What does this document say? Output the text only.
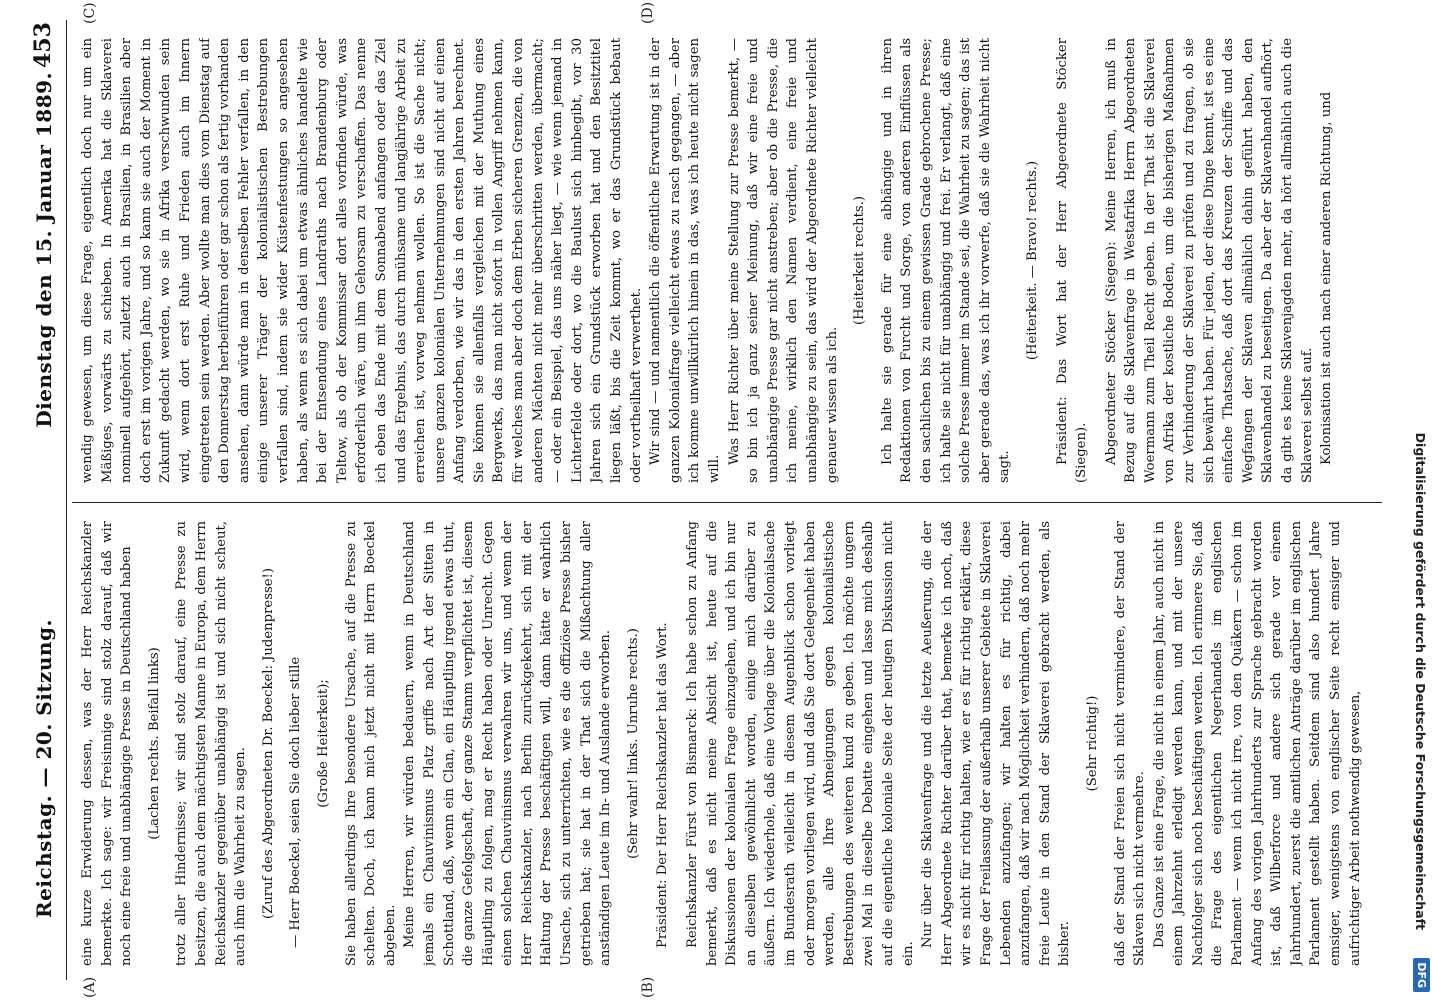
Reichstag. — 20. Sitzung.
Dienstag den 15. Januar 1889.
453
(A)	(B)
(C)	(D)

eine kurze Erwiderung dessen, was der Herr Reichskanzler bemerkte. Ich sage: wir Freisinnige sind stolz darauf, daß wir noch eine freie und unabhängige Presse in Deutschland haben (Lachen rechts. Beifall links) trotz aller Hindernisse; wir sind stolz darauf, eine Presse zu besitzen, die auch dem mächtigsten Manne in Europa, dem Herrn Reichskanzler gegenüber unabhängig ist und sich nicht scheut, auch ihm die Wahrheit zu sagen. (Zuruf des Abgeordneten Dr. Boeckel: Judenpresse!) — Herr Boeckel, seien Sie doch lieber stille (Große Heiterkeit); Sie haben allerdings Ihre besondere Ursache, auf die Presse zu schelten. Doch, ich kann mich jetzt nicht mit Herrn Boeckel abgeben. Meine Herren, wir würden bedauern, wenn in Deutschland jemals ein Chauvinismus Platz griffe nach Art der Sitten in Schottland, daß, wenn ein Clan, ein Häuptling irgend etwas thut, die ganze Gefolgschaft, der ganze Stamm verpflichtet ist, diesem Häuptling zu folgen, mag er Recht haben oder Unrecht. Gegen einen solchen Chauvinismus verwahren wir uns, und wenn der Herr Reichskanzler, nach Berlin zurückgekehrt, sich mit der Haltung der Presse beschäftigen will, dann hätte er wahrlich Ursache, sich zu unterrichten, wie es die offiziöse Presse bisher getrieben hat; sie hat in der That sich die Mißachtung aller anständigen Leute im In- und Auslande erworben. (Sehr wahr! links. Unruhe rechts.) Präsident: Der Herr Reichskanzler hat das Wort. Reichskanzler Fürst von Bismarck: Ich habe schon zu Anfang bemerkt, daß es nicht meine Absicht ist, heute auf die Diskussionen der kolonialen Frage einzugehen, und ich bin nur an dieselben gewöhnlicht worden, einige mich darüber zu äußern. Ich wiederhole, daß eine Vorlage über die Kolonialsache im Bundesrath vielleicht in diesem Augenblick schon vorliegt oder morgen vorliegen wird, und daß Sie dort Gelegenheit haben werden, alle Ihre Abneigungen gegen kolonialistische Bestrebungen des weiteren kund zu geben. Ich möchte ungern zwei Mal in dieselbe Debatte eingehen und lasse mich deshalb auf die eigentliche koloniale Seite der heutigen Diskussion nicht ein.

Nur über die Sklavenfrage und die letzte Aeußerung, die der Herr Abgeordnete Richter darüber that, bemerke ich noch, daß wir es nicht für richtig halten, wie er es für richtig erklärt, diese Frage der Freilassung der außerhalb unserer Gebiete in Sklaverei Lebenden anzufangen; wir halten es für richtig, dabei anzufangen, daß wir nach Möglichkeit verhindern, daß noch mehr freie Leute in den Stand der Sklaverei gebracht werden, als bisher.

(Sehr richtig!) daß der Stand der Freien sich nicht vermindere, der Stand der Sklaven sich nicht vermehre. Das Ganze ist eine Frage, die nicht in einem Jahr, auch nicht in einem Jahrzehnt erledigt werden kann, und mit der unsere Nachfolger sich noch beschäftigen werden. Ich erinnere Sie, daß die Frage des eigentlichen Negerhandels im englischen Parlament — wenn ich nicht irre, von den Quäkern — schon im Anfang des vorigen Jahrhunderts zur Sprache gebracht worden ist, daß Wilberforce und andere sich gerade vor einem Jahrhundert, zuerst die amtlichen Anträge darüber im englischen Parlament gestellt haben. Seitdem sind also hundert Jahre emsiger, wenigstens von englischer Seite recht emsiger und aufrichtiger Arbeit nothwendig gewesen,

wendig gewesen, um diese Frage, eigentlich doch nur um ein Mäßiges, vorwärts zu schieben. In Amerika hat die Sklaverei nominell aufgehört, zuletzt auch in Brasilien, in Brasilien aber doch erst im vorigen Jahre, und so kann sie auch der Moment in Zukunft gedacht werden, wo sie in Afrika verschwunden sein wird, wenn dort erst Ruhe und Frieden auch im Innern eingetreten sein werden. Aber wollte man dies vom Dienstag auf den Donnerstag herbeiführen oder gar schon als fertig vorhanden ansehen, dann würde man in denselben Fehler verfallen, in den einige unserer Träger der kolonialistischen Bestrebungen verfallen sind, indem sie wider Küstenfestungen so angesehen haben, als wenn es sich dabei um etwas ähnliches handelte wie bei der Entsendung eines Landraths nach Brandenburg oder Teltow, als ob der Kommissar dort alles vorfinden würde, was erforderlich wäre, um ihm Gehorsam zu verschaffen. Das nenne ich eben das Ende mit dem Sonnabend anfangen oder das Ziel und das Ergebnis, das durch mühsame und langjährige Arbeit zu erreichen ist, vorweg nehmen wollen. So ist die Sache nicht; unsere ganzen kolonialen Unternehmungen sind nicht auf einen Anfang verdorben, wie wir das in den ersten Jahren berechnet. Sie können sie allenfalls vergleichen mit der Muthung eines Bergwerks, das man nicht sofort in vollen Angriff nehmen kann, für welches man aber doch dem Erben sicheren Grenzen, die von anderen Mächten nicht mehr überschritten werden, übermacht; — oder ein Beispiel, das uns näher liegt, — wie wenn jemand in Lichterfelde oder dort, wo die Baulust sich hinbegibt, vor 30 Jahren sich ein Grundstück erworben hat und den Besitztitel liegen läßt, bis die Zeit kommt, wo er das Grundstück bebaut oder vortheilhaft verwerthet. Wir sind — und namentlich die öffentliche Erwartung ist in der ganzen Kolonialfrage vielleicht etwas zu rasch gegangen, — aber ich komme unwillkürlich hinein in das, was ich heute nicht sagen will.

Was Herr Richter über meine Stellung zur Presse bemerkt, — so bin ich ja ganz seiner Meinung, daß wir eine freie und unabhängige Presse gar nicht anstreben; aber ob die Presse, die ich meine, wirklich den Namen verdient, eine freie und unabhängige zu sein, das wird der Abgeordnete Richter vielleicht genauer wissen als ich.

(Heiterkeit rechts.) Ich halte sie gerade für eine abhängige und in ihren Redaktionen von Furcht und Sorge, von anderen Einflüssen als den sachlichen bis zu einem gewissen Grade gebrochene Presse; ich halte sie nicht für unabhängig und frei. Er verlangt, daß eine solche Presse immer im Stande sei, die Wahrheit zu sagen; das ist aber gerade das, was ich ihr vorwerfe, daß sie die Wahrheit nicht sagt.

(Heiterkeit. — Bravo! rechts.) Präsident: Das Wort hat der Herr Abgeordnete Stöcker (Siegen). Abgeordneter Stöcker (Siegen): Meine Herren, ich muß in Bezug auf die Sklavenfrage in Westafrika Herrn Abgeordneten Woermann zum Theil Recht geben. In der That ist die Sklaverei von Afrika der kostliche Boden, um die bisherigen Maßnahmen zur Verhinderung der Sklaverei zu prüfen und zu fragen, ob sie sich bewährt haben. Für jeden, der diese Dinge kennt, ist es eine einfache Thatsache, daß dort das Kreuzen der Schiffe und das Wegfangen der Sklaven allmählich dahin geführt haben, den Sklavenhandel zu beseitigen. Da aber der Sklavenhandel aufhört, da gibt es keine Sklavenjagden mehr, da hört allmählich auch die Sklaverei selbst auf. Kolonisation ist auch nach einer anderen Richtung, und

Digitalisierung gefördert durch die Deutsche Forschungsgemeinschaft
DFG
